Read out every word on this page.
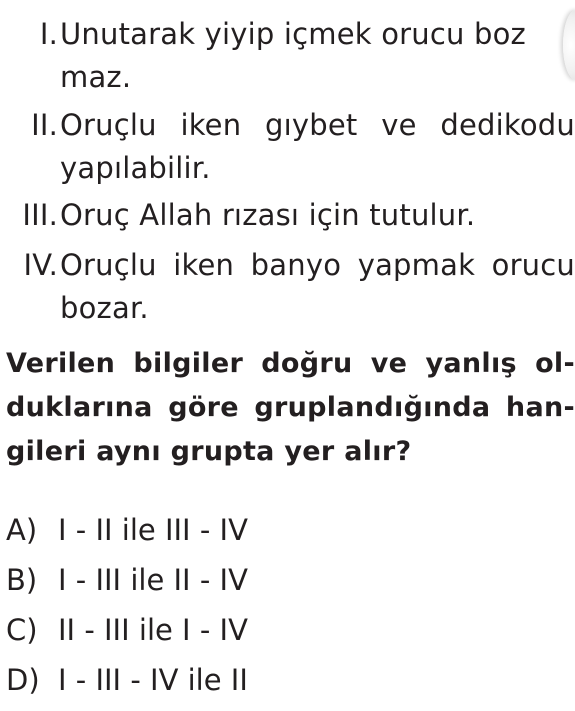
I. Unutarak yiyip içmek orucu boz
maz.
II. Oruçlu iken gıybet ve dedikodu
yapılabilir.
III. Oruç Allah rızası için tutulur.
IV. Oruçlu iken banyo yapmak orucu
bozar.
Verilen bilgiler doğru ve yanlış ol-
duklarına göre gruplandığında han-
gileri aynı grupta yer alır?
A) I - II ile III - IV
B) I - III ile II - IV
C) II - III ile I - IV
D) I - III - IV ile II
